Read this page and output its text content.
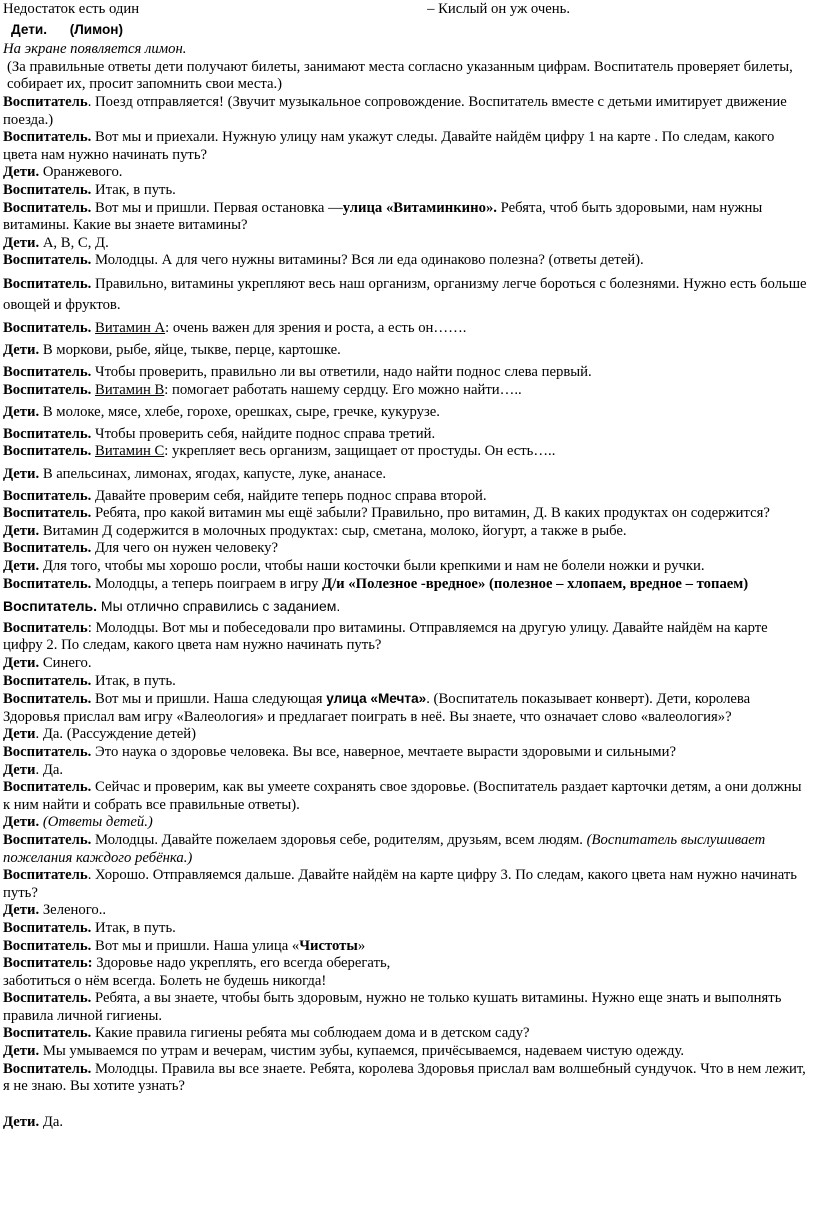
Недостаток есть один	– Кислый он уж очень.
Дети. (Лимон)
На экране появляется лимон.
(За правильные ответы дети получают билеты, занимают места согласно указанным цифрам. Воспитатель проверяет билеты, собирает их, просит запомнить свои места.)
Воспитатель. Поезд отправляется! (Звучит музыкальное сопровождение. Воспитатель вместе с детьми имитирует движение поезда.)
Воспитатель. Вот мы и приехали. Нужную улицу нам укажут следы. Давайте найдём цифру 1 на карте . По следам, какого цвета нам нужно начинать путь?
Дети. Оранжевого.
Воспитатель. Итак, в путь.
Воспитатель. Вот мы и пришли. Первая остановка —улица «Витаминкино». Ребята, чтоб быть здоровыми, нам нужны витамины. Какие вы знаете витамины?
Дети. А, В, С, Д.
Воспитатель. Молодцы. А для чего нужны витамины? Вся ли еда одинаково полезна? (ответы детей).
Воспитатель. Правильно, витамины укрепляют весь наш организм, организму легче бороться с болезнями. Нужно есть больше овощей и фруктов.
Воспитатель. Витамин А: очень важен для зрения и роста, а есть он…….
Дети. В моркови, рыбе, яйце, тыкве, перце, картошке.
Воспитатель. Чтобы проверить, правильно ли вы ответили, надо найти поднос слева первый.
Воспитатель. Витамин В: помогает работать нашему сердцу. Его можно найти…..
Дети. В молоке, мясе, хлебе, горохе, орешках, сыре, гречке, кукурузе.
Воспитатель. Чтобы проверить себя, найдите поднос справа третий.
Воспитатель. Витамин С: укрепляет весь организм, защищает от простуды. Он есть…..
Дети. В апельсинах, лимонах, ягодах, капусте, луке, ананасе.
Воспитатель. Давайте проверим себя, найдите теперь поднос справа второй.
Воспитатель. Ребята, про какой витамин мы ещё забыли? Правильно, про витамин, Д. В каких продуктах он содержится?
Дети. Витамин Д содержится в молочных продуктах: сыр, сметана, молоко, йогурт, а также в рыбе.
Воспитатель. Для чего он нужен человеку?
Дети. Для того, чтобы мы хорошо росли, чтобы наши косточки были крепкими и нам не болели ножки и ручки.
Воспитатель. Молодцы, а теперь поиграем в игру Д/и «Полезное -вредное» (полезное – хлопаем, вредное – топаем)
Воспитатель. Мы отлично справились с заданием.
Воспитатель: Молодцы. Вот мы и побеседовали про витамины. Отправляемся на другую улицу. Давайте найдём на карте цифру 2. По следам, какого цвета нам нужно начинать путь?
Дети. Синего.
Воспитатель. Итак, в путь.
Воспитатель. Вот мы и пришли. Наша следующая улица «Мечта». (Воспитатель показывает конверт). Дети, королева Здоровья прислал вам игру «Валеология» и предлагает поиграть в неё. Вы знаете, что означает слово «валеология»?
Дети. Да. (Рассуждение детей)
Воспитатель. Это наука о здоровье человека. Вы все, наверное, мечтаете вырасти здоровыми и сильными?
Дети. Да.
Воспитатель. Сейчас и проверим, как вы умеете сохранять свое здоровье. (Воспитатель раздает карточки детям, а они должны к ним найти и собрать все правильные ответы).
Дети. (Ответы детей.)
Воспитатель. Молодцы. Давайте пожелаем здоровья себе, родителям, друзьям, всем людям. (Воспитатель выслушивает пожелания каждого ребёнка.)
Воспитатель. Хорошо. Отправляемся дальше. Давайте найдём на карте цифру 3. По следам, какого цвета нам нужно начинать путь?
Дети. Зеленого..
Воспитатель. Итак, в путь.
Воспитатель. Вот мы и пришли. Наша улица «Чистоты»
Воспитатель: Здоровье надо укреплять, его всегда оберегать,
заботиться о нём всегда. Болеть не будешь никогда!
Воспитатель. Ребята, а вы знаете, чтобы быть здоровым, нужно не только кушать витамины. Нужно еще знать и выполнять правила личной гигиены.
Воспитатель. Какие правила гигиены ребята мы соблюдаем дома и в детском саду?
Дети. Мы умываемся по утрам и вечерам, чистим зубы, купаемся, причёсываемся, надеваем чистую одежду.
Воспитатель. Молодцы. Правила вы все знаете. Ребята, королева Здоровья прислал вам волшебный сундучок. Что в нем лежит, я не знаю. Вы хотите узнать?
Дети. Да.
